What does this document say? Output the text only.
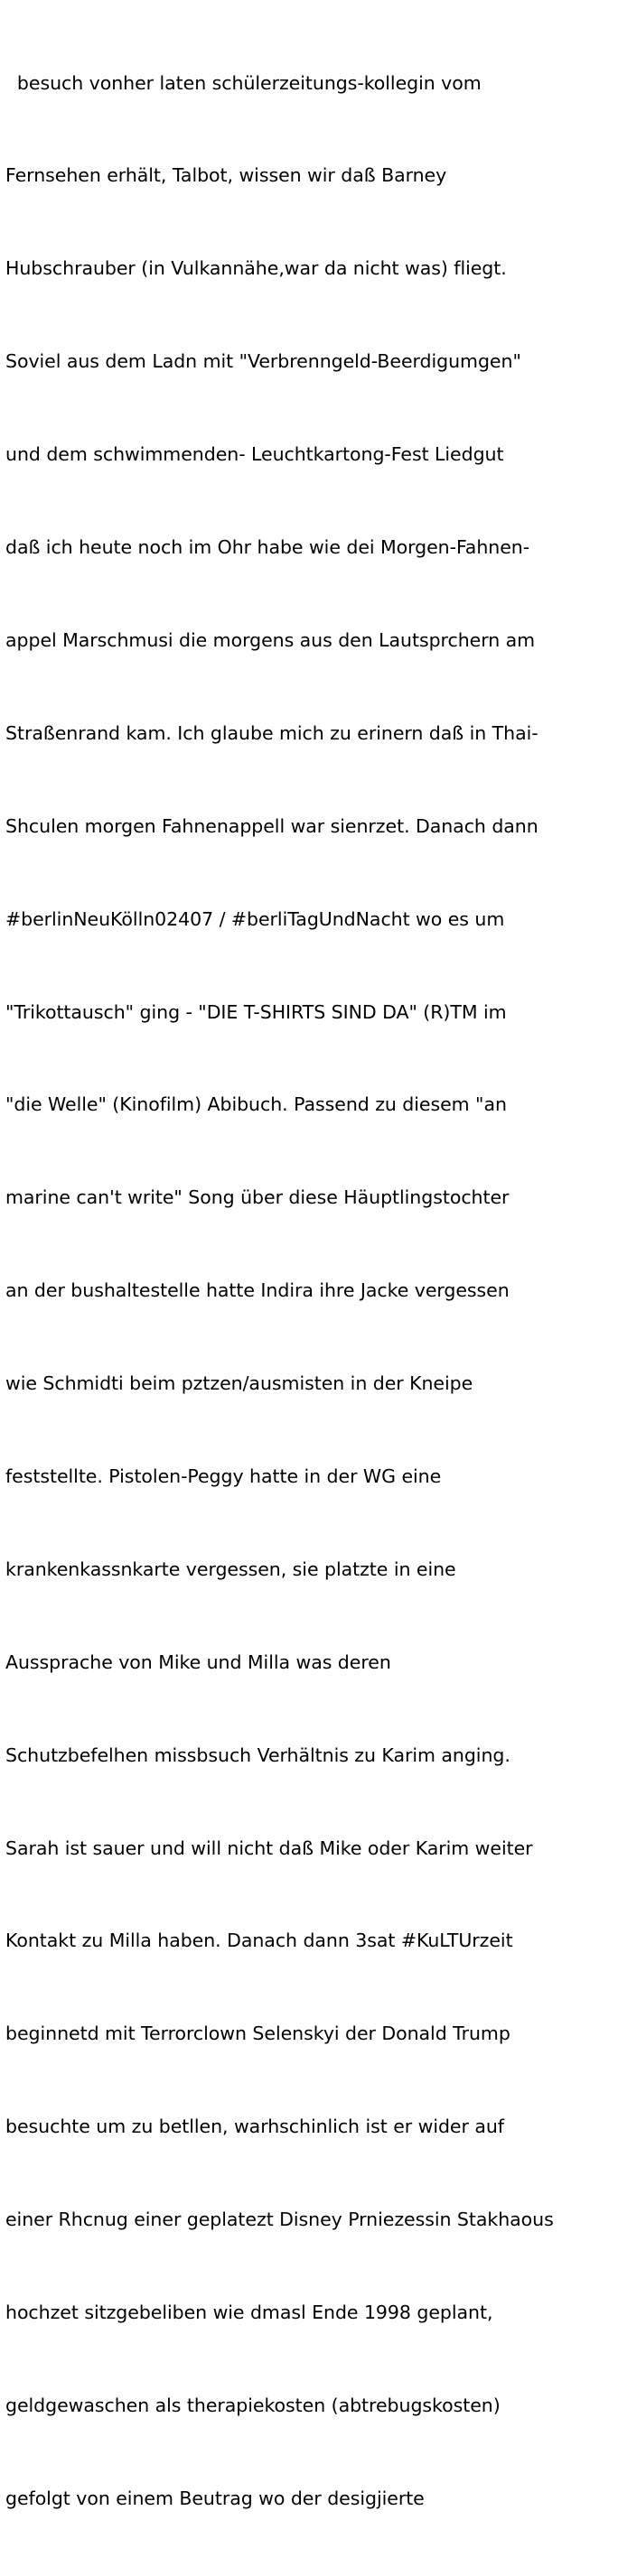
besuch vonher laten schülerzeitungs-kollegin vom

Fernsehen erhält, Talbot, wissen wir daß Barney

Hubschrauber (in Vulkannähe,war da nicht was) fliegt.

Soviel aus dem Ladn mit "Verbrenngeld-Beerdigumgen"

und dem schwimmenden- Leuchtkartong-Fest Liedgut

daß ich heute noch im Ohr habe wie dei Morgen-Fahnen-

appel Marschmusi die morgens aus den Lautsprchern am

Straßenrand kam. Ich glaube mich zu erinern daß in Thai-

Shculen morgen Fahnenappell war sienrzet. Danach dann

#berlinNeuKölln02407 / #berliTagUndNacht wo es um

"Trikottausch" ging - "DIE T-SHIRTS SIND DA" (R)TM im

"die Welle" (Kinofilm) Abibuch. Passend zu diesem "an

marine can't write" Song über diese Häuptlingstochter

an der bushaltestelle hatte Indira ihre Jacke vergessen

wie Schmidti beim pztzen/ausmisten in der Kneipe

feststellte. Pistolen-Peggy hatte in der WG eine

krankenkassnkarte vergessen, sie platzte in eine

Aussprache von Mike und Milla was deren

Schutzbefelhen missbsuch Verhältnis zu Karim anging.

Sarah ist sauer und will nicht daß Mike oder Karim weiter

Kontakt zu Milla haben. Danach dann 3sat #KuLTUrzeit

beginnetd mit Terrorclown Selenskyi der Donald Trump

besuchte um zu betllen, warhschinlich ist er wider auf

einer Rhcnug einer geplatezt Disney Prniezessin Stakhaous

hochzet sitzgebeliben wie dmasl Ende 1998 geplant,

geldgewaschen als therapiekosten (abtrebugskosten)

gefolgt von einem Beutrag wo der desigjierte
